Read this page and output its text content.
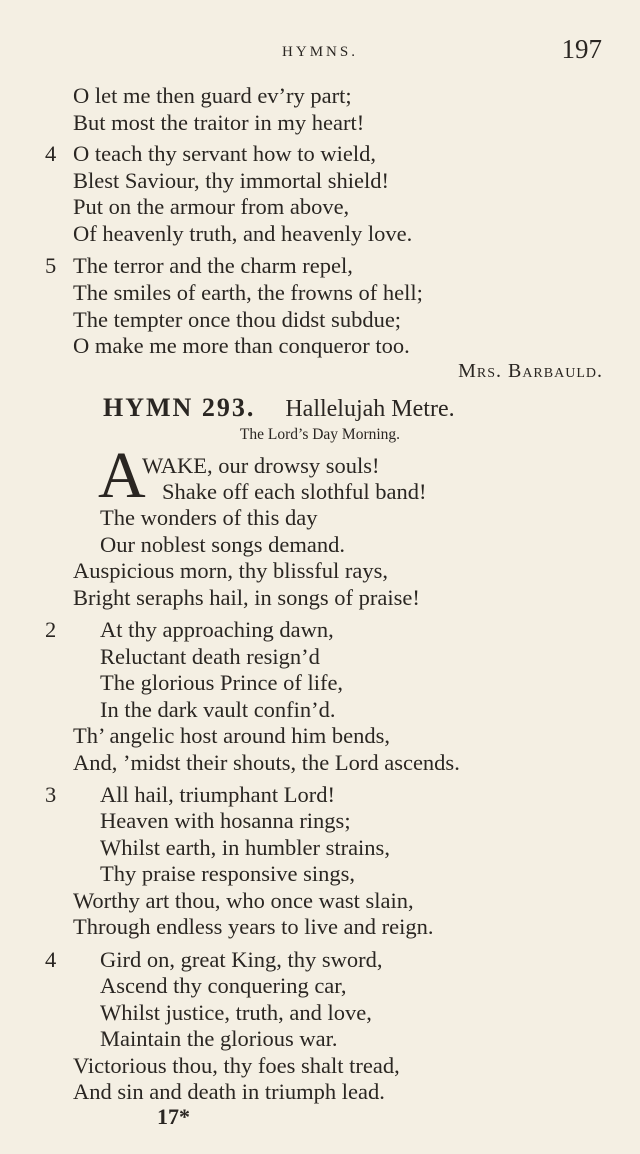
HYMNS.	197
O let me then guard ev’ry part;
But most the traitor in my heart!
4 O teach thy servant how to wield,
Blest Saviour, thy immortal shield!
Put on the armour from above,
Of heavenly truth, and heavenly love.
5 The terror and the charm repel,
The smiles of earth, the frowns of hell;
The tempter once thou didst subdue;
O make me more than conqueror too.
Mrs. Barbauld.
HYMN 293. Hallelujah Metre.
The Lord’s Day Morning.
A
WAKE, our drowsy souls!
Shake off each slothful band!
The wonders of this day
Our noblest songs demand.
Auspicious morn, thy blissful rays,
Bright seraphs hail, in songs of praise!
2 At thy approaching dawn,
Reluctant death resign’d
The glorious Prince of life,
In the dark vault confin’d.
Th’ angelic host around him bends,
And, ’midst their shouts, the Lord ascends.
3 All hail, triumphant Lord!
Heaven with hosanna rings;
Whilst earth, in humbler strains,
Thy praise responsive sings,
Worthy art thou, who once wast slain,
Through endless years to live and reign.
4 Gird on, great King, thy sword,
Ascend thy conquering car,
Whilst justice, truth, and love,
Maintain the glorious war.
Victorious thou, thy foes shalt tread,
And sin and death in triumph lead.
17*
